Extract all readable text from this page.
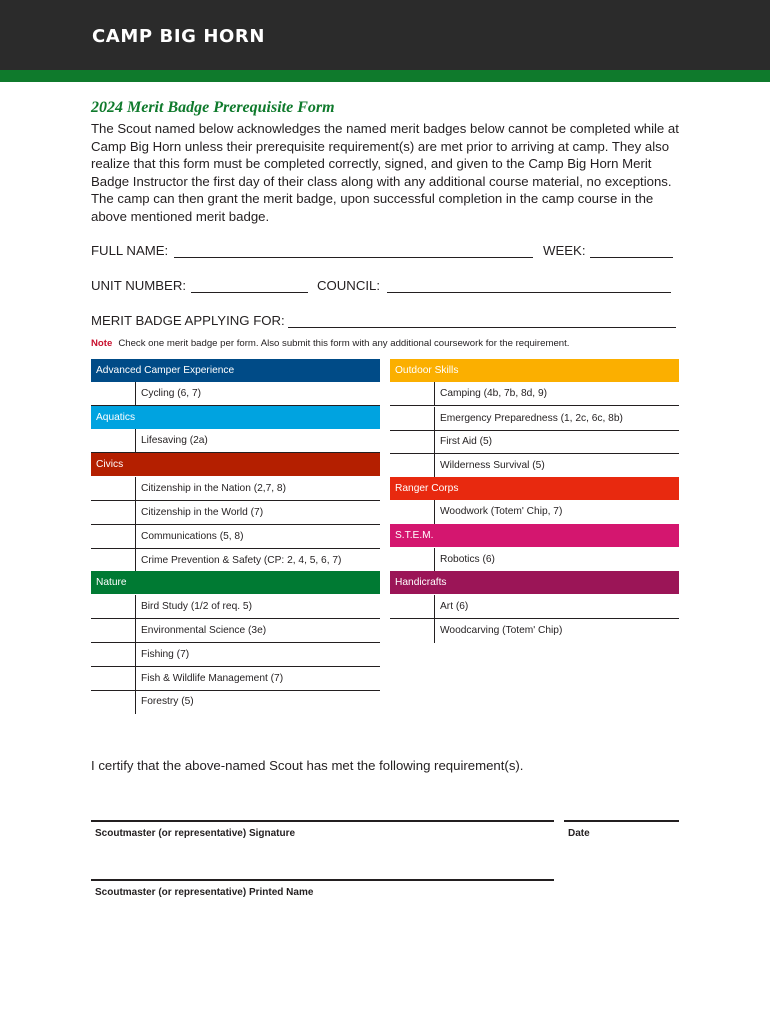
CAMP BIG HORN
2024 Merit Badge Prerequisite Form
The Scout named below acknowledges the named merit badges below cannot be completed while at Camp Big Horn unless their prerequisite requirement(s) are met prior to arriving at camp. They also realize that this form must be completed correctly, signed, and given to the Camp Big Horn Merit Badge Instructor the first day of their class along with any additional course material, no exceptions. The camp can then grant the merit badge, upon successful completion in the camp course in the above mentioned merit badge.
FULL NAME:	WEEK:
UNIT NUMBER:	COUNCIL:
MERIT BADGE APPLYING FOR:
Note Check one merit badge per form. Also submit this form with any additional coursework for the requirement.
Advanced Camper Experience
Cycling (6, 7)
Aquatics
Lifesaving (2a)
Civics
Citizenship in the Nation (2,7, 8)
Citizenship in the World (7)
Communications (5, 8)
Crime Prevention & Safety (CP: 2, 4, 5, 6, 7)
Nature
Bird Study (1/2 of req. 5)
Environmental Science (3e)
Fishing (7)
Fish & Wildlife Management (7)
Forestry (5)
Outdoor Skills
Camping (4b, 7b, 8d, 9)
Emergency Preparedness (1, 2c, 6c, 8b)
First Aid (5)
Wilderness Survival (5)
Ranger Corps
Woodwork (Totem' Chip, 7)
S.T.E.M.
Robotics (6)
Handicrafts
Art (6)
Woodcarving (Totem' Chip)
I certify that the above-named Scout has met the following requirement(s).
Scoutmaster (or representative) Signature	Date
Scoutmaster (or representative) Printed Name
